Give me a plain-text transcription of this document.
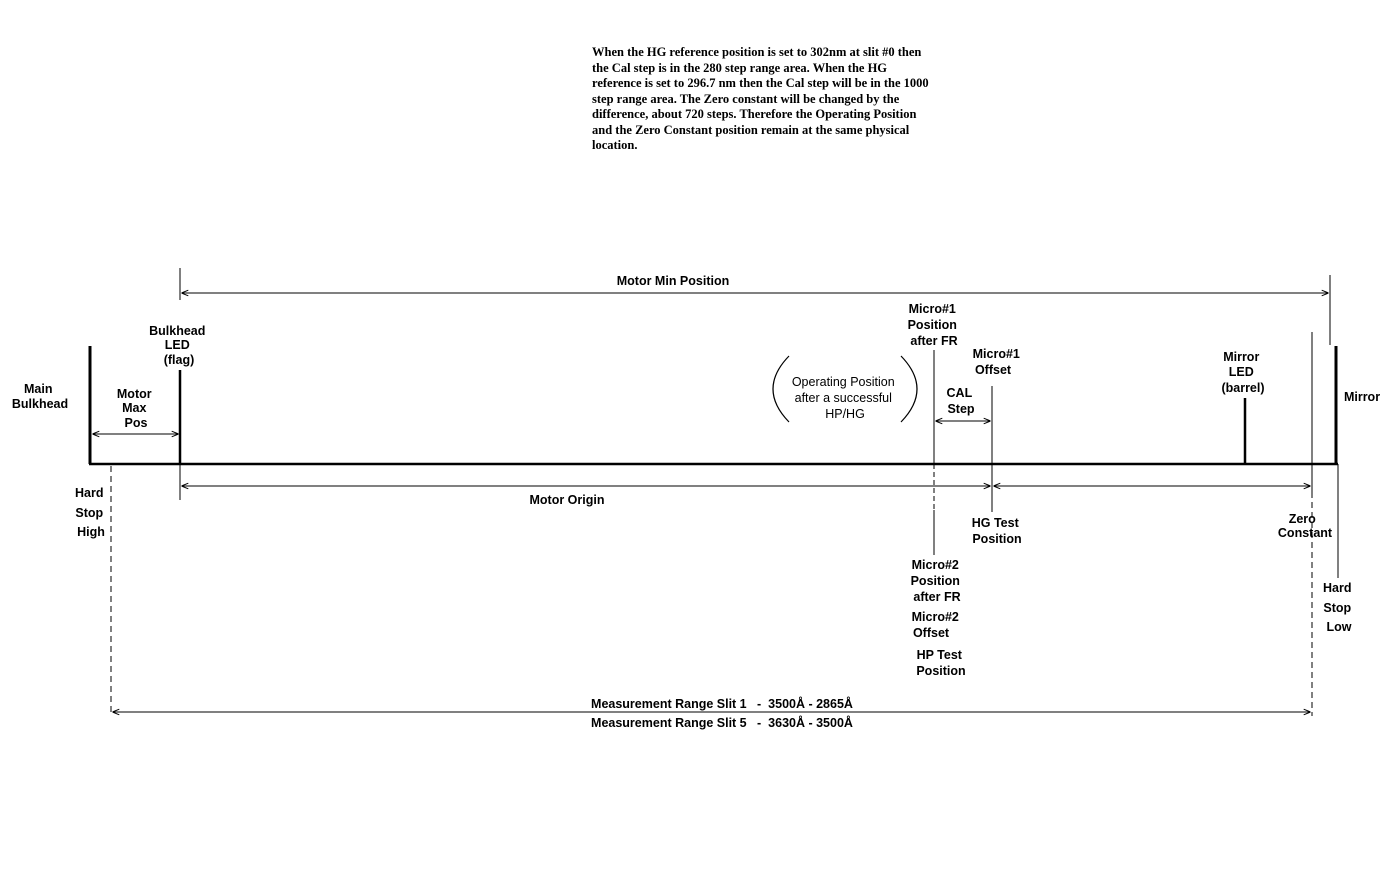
When the HG reference position is set to 302nm at slit #0 then
the Cal step is in the 280 step range area. When the HG
reference is set to 296.7 nm then the Cal step will be in the 1000
step range area. The Zero constant will be changed by the
difference, about 720 steps. Therefore the Operating Position
and the Zero Constant position remain at the same physical
location.
Main Bulkhead
Motor Max Pos
Bulkhead LED (flag)
Motor Min Position
Micro#1 Position after FR
Micro#1 Offset
Operating Position after a successful HP/HG
CAL Step
Mirror LED (barrel)
Mirror
Hard Stop High
Motor Origin
HG Test Position
Zero Constant
Micro#2 Position after FR
Micro#2 Offset
HP Test Position
Hard Stop Low
Measurement Range Slit 1   -  3500Å - 2865Å
Measurement Range Slit 5   -  3630Å - 3500Å
